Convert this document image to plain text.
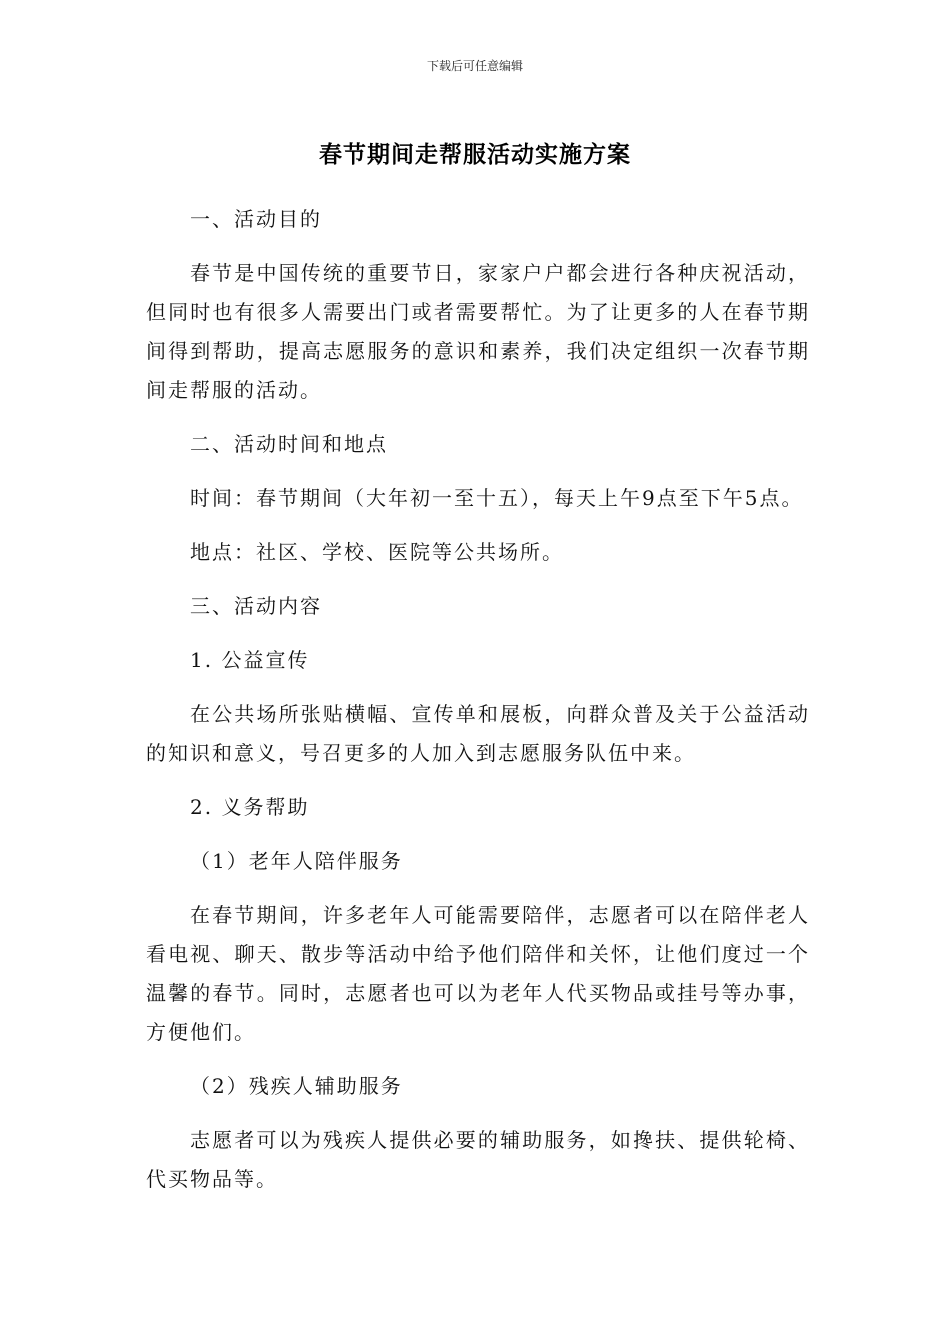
下载后可任意编辑
春节期间走帮服活动实施方案

一、活动目的

春节是中国传统的重要节日，家家户户都会进行各种庆祝活动，但同时也有很多人需要出门或者需要帮忙。为了让更多的人在春节期间得到帮助，提高志愿服务的意识和素养，我们决定组织一次春节期间走帮服的活动。

二、活动时间和地点

时间：春节期间（大年初一至十五），每天上午9点至下午5点。

地点：社区、学校、医院等公共场所。

三、活动内容

1. 公益宣传

在公共场所张贴横幅、宣传单和展板，向群众普及关于公益活动的知识和意义，号召更多的人加入到志愿服务队伍中来。

2. 义务帮助

（1）老年人陪伴服务

在春节期间，许多老年人可能需要陪伴，志愿者可以在陪伴老人看电视、聊天、散步等活动中给予他们陪伴和关怀，让他们度过一个温馨的春节。同时，志愿者也可以为老年人代买物品或挂号等办事，方便他们。

（2）残疾人辅助服务

志愿者可以为残疾人提供必要的辅助服务，如搀扶、提供轮椅、代买物品等。
